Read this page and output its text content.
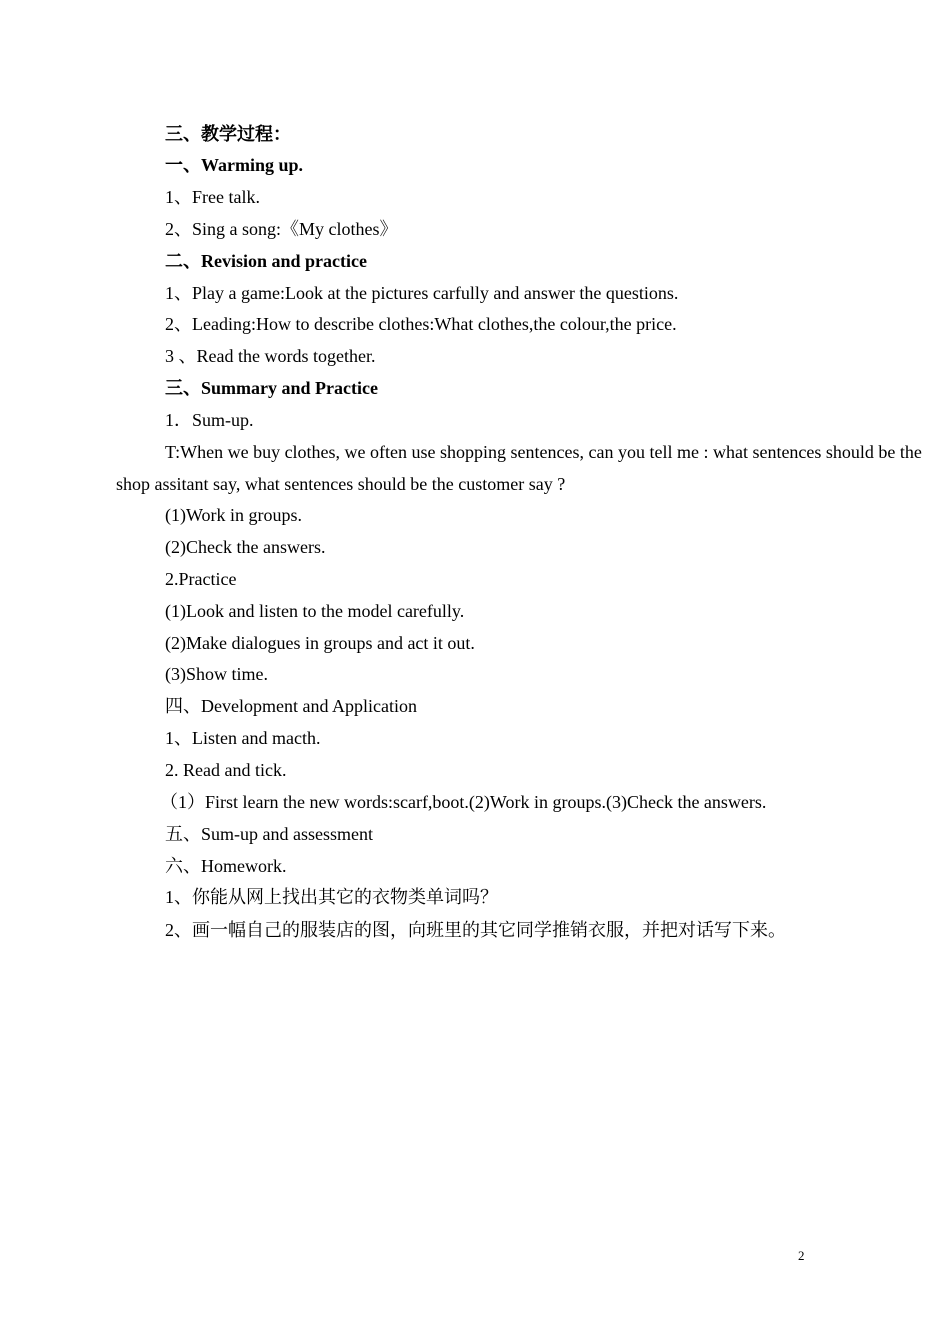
三、教学过程：
一、Warming up.
1、Free talk.
2、Sing a song:《My clothes》
二、Revision and practice
1、Play a game:Look at the pictures carfully and answer the questions.
2、Leading:How to describe clothes:What clothes,the colour,the price.
3 、Read the words together.
三、Summary and Practice
1．Sum-up.
T:When we buy clothes, we often use shopping sentences, can you tell me : what sentences should be the shop assitant say, what sentences should be the customer say ?
(1)Work in groups.
(2)Check the answers.
2.Practice
(1)Look and listen to the model carefully.
(2)Make dialogues in groups and act it out.
(3)Show time.
四、Development and Application
1、Listen and macth.
2. Read and tick.
（1）First learn the new words:scarf,boot.(2)Work in groups.(3)Check the answers.
五、Sum-up and assessment
六、Homework.
1、你能从网上找出其它的衣物类单词吗？
2、画一幅自己的服装店的图，向班里的其它同学推销衣服，并把对话写下来。
2
